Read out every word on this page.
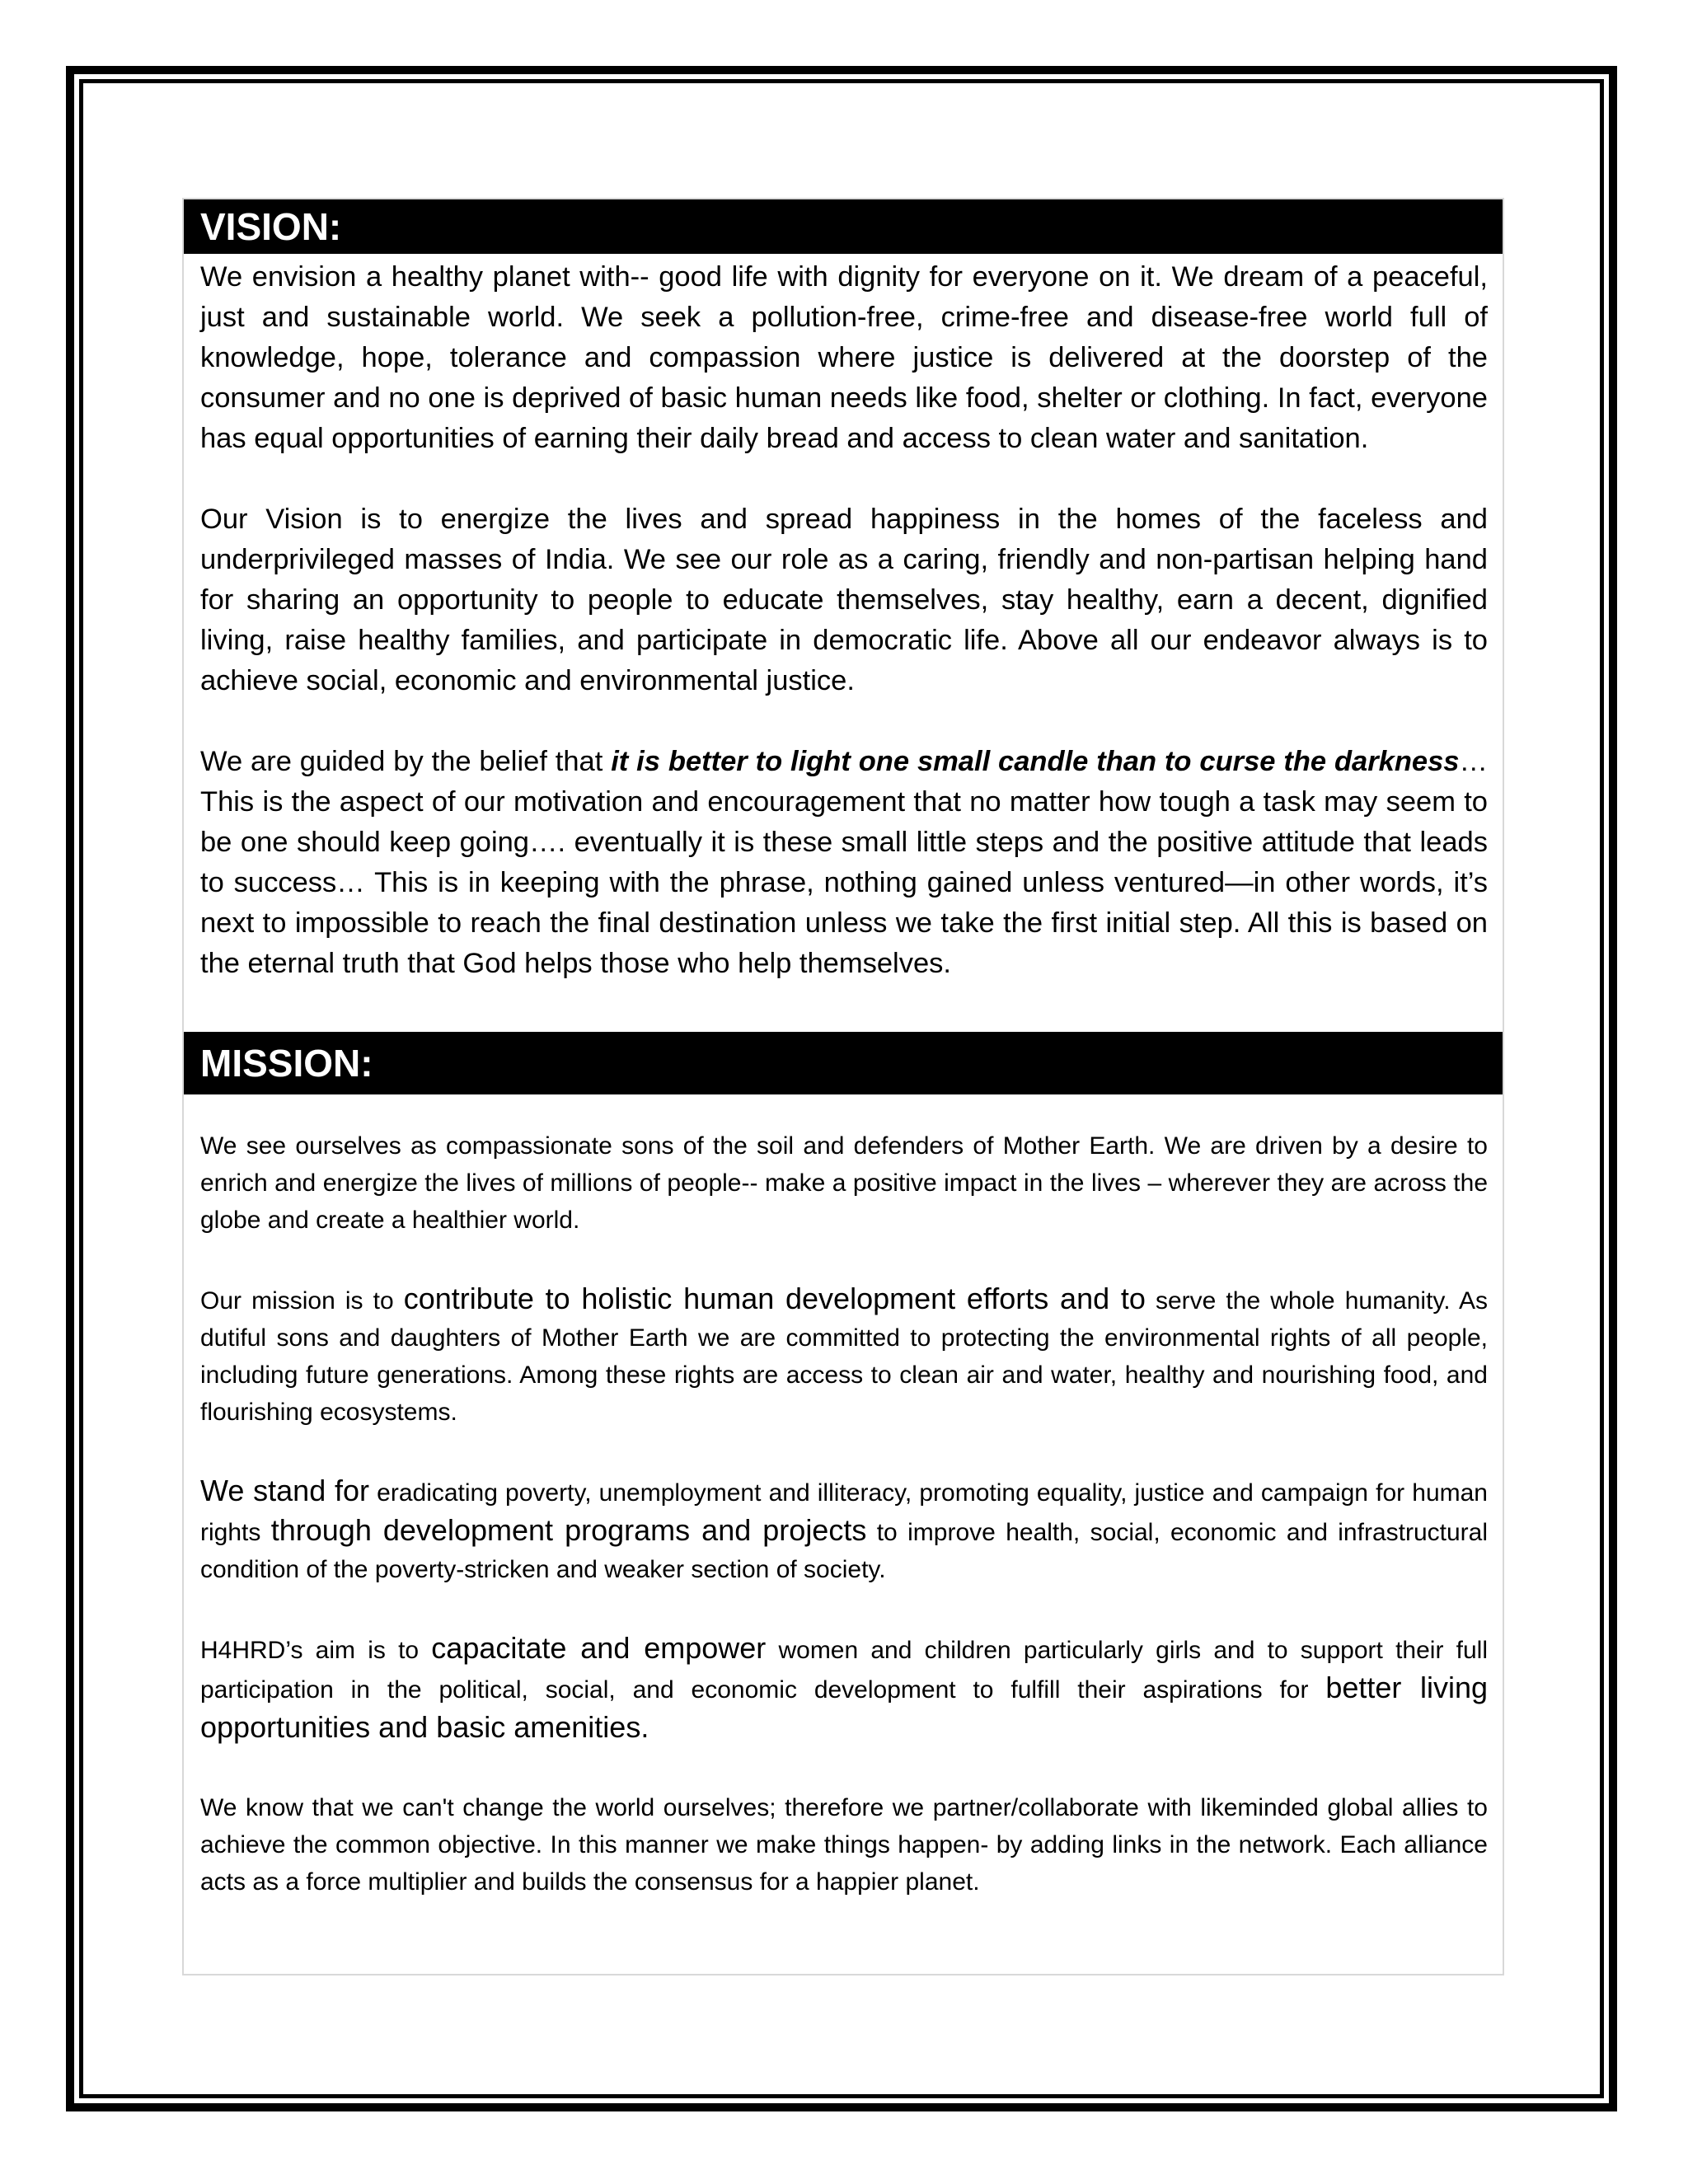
VISION:

We envision a healthy planet with-- good life with dignity for everyone on it. We dream of a peaceful, just and sustainable world. We seek a pollution-free, crime-free and disease-free world full of knowledge, hope, tolerance and compassion where justice is delivered at the doorstep of the consumer and no one is deprived of basic human needs like food, shelter or clothing. In fact, everyone has equal opportunities of earning their daily bread and access to clean water and sanitation.

Our Vision is to energize the lives and spread happiness in the homes of the faceless and underprivileged masses of India. We see our role as a caring, friendly and non-partisan helping hand for sharing an opportunity to people to educate themselves, stay healthy, earn a decent, dignified living, raise healthy families, and participate in democratic life. Above all our endeavor always is to achieve social, economic and environmental justice.

We are guided by the belief that it is better to light one small candle than to curse the darkness… This is the aspect of our motivation and encouragement that no matter how tough a task may seem to be one should keep going…. eventually it is these small little steps and the positive attitude that leads to success… This is in keeping with the phrase, nothing gained unless ventured—in other words, it’s next to impossible to reach the final destination unless we take the first initial step. All this is based on the eternal truth that God helps those who help themselves.

MISSION:

We see ourselves as compassionate sons of the soil and defenders of Mother Earth. We are driven by a desire to enrich and energize the lives of millions of people-- make a positive impact in the lives – wherever they are across the globe and create a healthier world.

Our mission is to contribute to holistic human development efforts and to serve the whole humanity. As dutiful sons and daughters of Mother Earth we are committed to protecting the environmental rights of all people, including future generations. Among these rights are access to clean air and water, healthy and nourishing food, and flourishing ecosystems.

We stand for eradicating poverty, unemployment and illiteracy, promoting equality, justice and campaign for human rights through development programs and projects to improve health, social, economic and infrastructural condition of the poverty-stricken and weaker section of society.

H4HRD’s aim is to capacitate and empower women and children particularly girls and to support their full participation in the political, social, and economic development to fulfill their aspirations for better living opportunities and basic amenities.

We know that we can't change the world ourselves; therefore we partner/collaborate with likeminded global allies to achieve the common objective. In this manner we make things happen- by adding links in the network. Each alliance acts as a force multiplier and builds the consensus for a happier planet.
